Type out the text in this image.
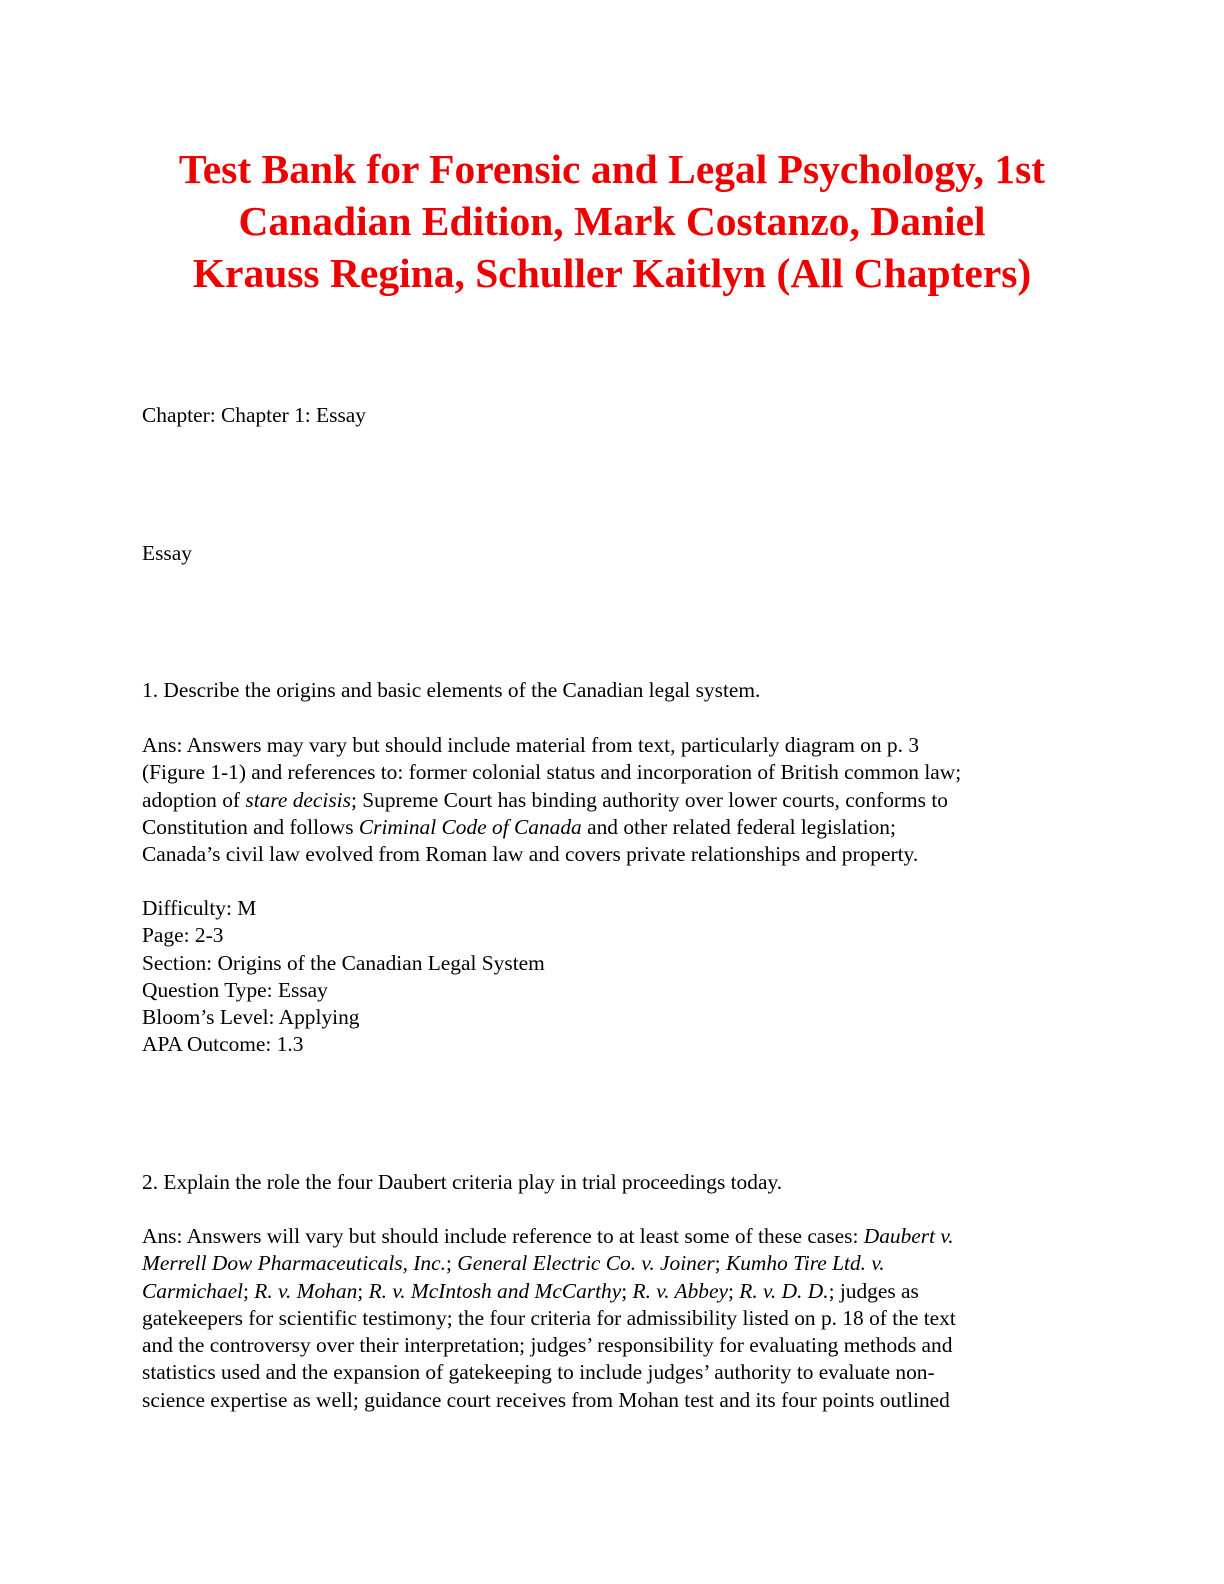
Test Bank for Forensic and Legal Psychology, 1st
Canadian Edition, Mark Costanzo, Daniel
Krauss Regina, Schuller Kaitlyn (All Chapters)

Chapter: Chapter 1: Essay

Essay

1. Describe the origins and basic elements of the Canadian legal system.

Ans: Answers may vary but should include material from text, particularly diagram on p. 3
(Figure 1-1) and references to: former colonial status and incorporation of British common law;
adoption of stare decisis; Supreme Court has binding authority over lower courts, conforms to
Constitution and follows Criminal Code of Canada and other related federal legislation;
Canada’s civil law evolved from Roman law and covers private relationships and property.

Difficulty: M
Page: 2-3
Section: Origins of the Canadian Legal System
Question Type: Essay
Bloom’s Level: Applying
APA Outcome: 1.3

2. Explain the role the four Daubert criteria play in trial proceedings today.

Ans: Answers will vary but should include reference to at least some of these cases: Daubert v.
Merrell Dow Pharmaceuticals, Inc.; General Electric Co. v. Joiner; Kumho Tire Ltd. v.
Carmichael; R. v. Mohan; R. v. McIntosh and McCarthy; R. v. Abbey; R. v. D. D.; judges as
gatekeepers for scientific testimony; the four criteria for admissibility listed on p. 18 of the text
and the controversy over their interpretation; judges’ responsibility for evaluating methods and
statistics used and the expansion of gatekeeping to include judges’ authority to evaluate non-
science expertise as well; guidance court receives from Mohan test and its four points outlined
